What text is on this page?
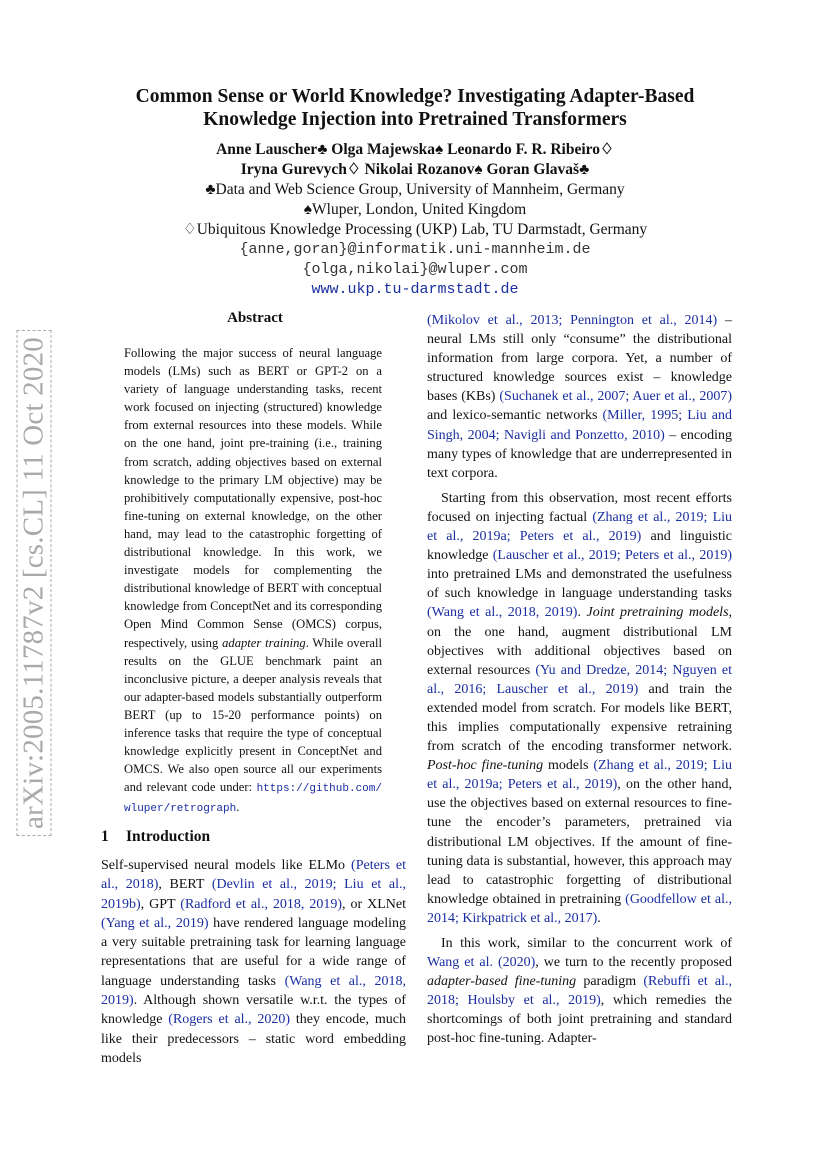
arXiv:2005.11787v2 [cs.CL] 11 Oct 2020
Common Sense or World Knowledge? Investigating Adapter-Based
Knowledge Injection into Pretrained Transformers
Anne Lauscher♣ Olga Majewska♠ Leonardo F. R. Ribeiro♢
Iryna Gurevych♢ Nikolai Rozanov♠ Goran Glavaš♣
♣Data and Web Science Group, University of Mannheim, Germany
♠Wluper, London, United Kingdom
♢Ubiquitous Knowledge Processing (UKP) Lab, TU Darmstadt, Germany
{anne,goran}@informatik.uni-mannheim.de
{olga,nikolai}@wluper.com
www.ukp.tu-darmstadt.de
Abstract
Following the major success of neural language models (LMs) such as BERT or GPT-2 on a variety of language understanding tasks, recent work focused on injecting (structured) knowledge from external resources into these models. While on the one hand, joint pre-training (i.e., training from scratch, adding objectives based on external knowledge to the primary LM objective) may be prohibitively computationally expensive, post-hoc fine-tuning on external knowledge, on the other hand, may lead to the catastrophic forgetting of distributional knowledge. In this work, we investigate models for complementing the distributional knowledge of BERT with conceptual knowledge from ConceptNet and its corresponding Open Mind Common Sense (OMCS) corpus, respectively, using adapter training. While overall results on the GLUE benchmark paint an inconclusive picture, a deeper analysis reveals that our adapter-based models substantially outperform BERT (up to 15-20 performance points) on inference tasks that require the type of conceptual knowledge explicitly present in ConceptNet and OMCS. We also open source all our experiments and relevant code under: https://github.com/wluper/retrograph.
1 Introduction

Self-supervised neural models like ELMo (Peters et al., 2018), BERT (Devlin et al., 2019; Liu et al., 2019b), GPT (Radford et al., 2018, 2019), or XLNet (Yang et al., 2019) have rendered language modeling a very suitable pretraining task for learning language representations that are useful for a wide range of language understanding tasks (Wang et al., 2018, 2019). Although shown versatile w.r.t. the types of knowledge (Rogers et al., 2020) they encode, much like their predecessors – static word embedding models

(Mikolov et al., 2013; Pennington et al., 2014) – neural LMs still only “consume” the distributional information from large corpora. Yet, a number of structured knowledge sources exist – knowledge bases (KBs) (Suchanek et al., 2007; Auer et al., 2007) and lexico-semantic networks (Miller, 1995; Liu and Singh, 2004; Navigli and Ponzetto, 2010) – encoding many types of knowledge that are underrepresented in text corpora.

Starting from this observation, most recent efforts focused on injecting factual (Zhang et al., 2019; Liu et al., 2019a; Peters et al., 2019) and linguistic knowledge (Lauscher et al., 2019; Peters et al., 2019) into pretrained LMs and demonstrated the usefulness of such knowledge in language understanding tasks (Wang et al., 2018, 2019). Joint pretraining models, on the one hand, augment distributional LM objectives with additional objectives based on external resources (Yu and Dredze, 2014; Nguyen et al., 2016; Lauscher et al., 2019) and train the extended model from scratch. For models like BERT, this implies computationally expensive retraining from scratch of the encoding transformer network. Post-hoc fine-tuning models (Zhang et al., 2019; Liu et al., 2019a; Peters et al., 2019), on the other hand, use the objectives based on external resources to fine-tune the encoder’s parameters, pretrained via distributional LM objectives. If the amount of fine-tuning data is substantial, however, this approach may lead to catastrophic forgetting of distributional knowledge obtained in pretraining (Goodfellow et al., 2014; Kirkpatrick et al., 2017).

In this work, similar to the concurrent work of Wang et al. (2020), we turn to the recently proposed adapter-based fine-tuning paradigm (Rebuffi et al., 2018; Houlsby et al., 2019), which remedies the shortcomings of both joint pretraining and standard post-hoc fine-tuning. Adapter-
